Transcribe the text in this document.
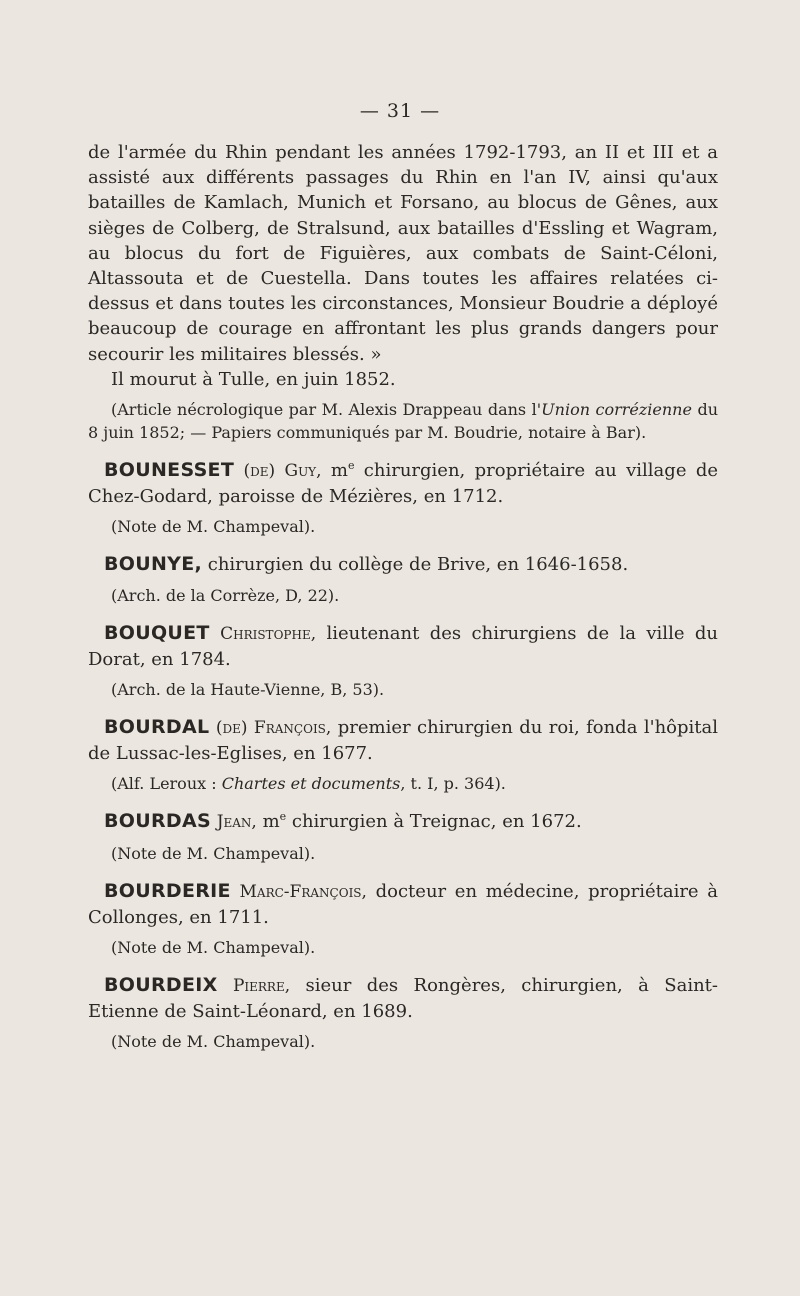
— 31 —

de l'armée du Rhin pendant les années 1792-1793, an II et III et a assisté aux différents passages du Rhin en l'an IV, ainsi qu'aux batailles de Kamlach, Munich et Forsano, au blocus de Gênes, aux sièges de Colberg, de Stralsund, aux batailles d'Essling et Wagram, au blocus du fort de Figuières, aux combats de Saint-Céloni, Altassouta et de Cuestella. Dans toutes les affaires relatées ci-dessus et dans toutes les circonstances, Monsieur Boudrie a déployé beaucoup de courage en affrontant les plus grands dangers pour secourir les militaires blessés. »

Il mourut à Tulle, en juin 1852.

(Article nécrologique par M. Alexis Drappeau dans l'Union corrézienne du 8 juin 1852; — Papiers communiqués par M. Boudrie, notaire à Bar).

BOUNESSET (de) Guy, $m^e$ chirurgien, propriétaire au village de Chez-Godard, paroisse de Mézières, en 1712.

(Note de M. Champeval).

BOUNYE, chirurgien du collège de Brive, en 1646-1658.

(Arch. de la Corrèze, D, 22).

BOUQUET Christophe, lieutenant des chirurgiens de la ville du Dorat, en 1784.

(Arch. de la Haute-Vienne, B, 53).

BOURDAL (de) François, premier chirurgien du roi, fonda l'hôpital de Lussac-les-Eglises, en 1677.

(Alf. Leroux : Chartes et documents, t. I, p. 364).

BOURDAS Jean, $m^e$ chirurgien à Treignac, en 1672.

(Note de M. Champeval).

BOURDERIE Marc-François, docteur en médecine, propriétaire à Collonges, en 1711.

(Note de M. Champeval).

BOURDEIX Pierre, sieur des Rongères, chirurgien, à Saint-Etienne de Saint-Léonard, en 1689.

(Note de M. Champeval).
